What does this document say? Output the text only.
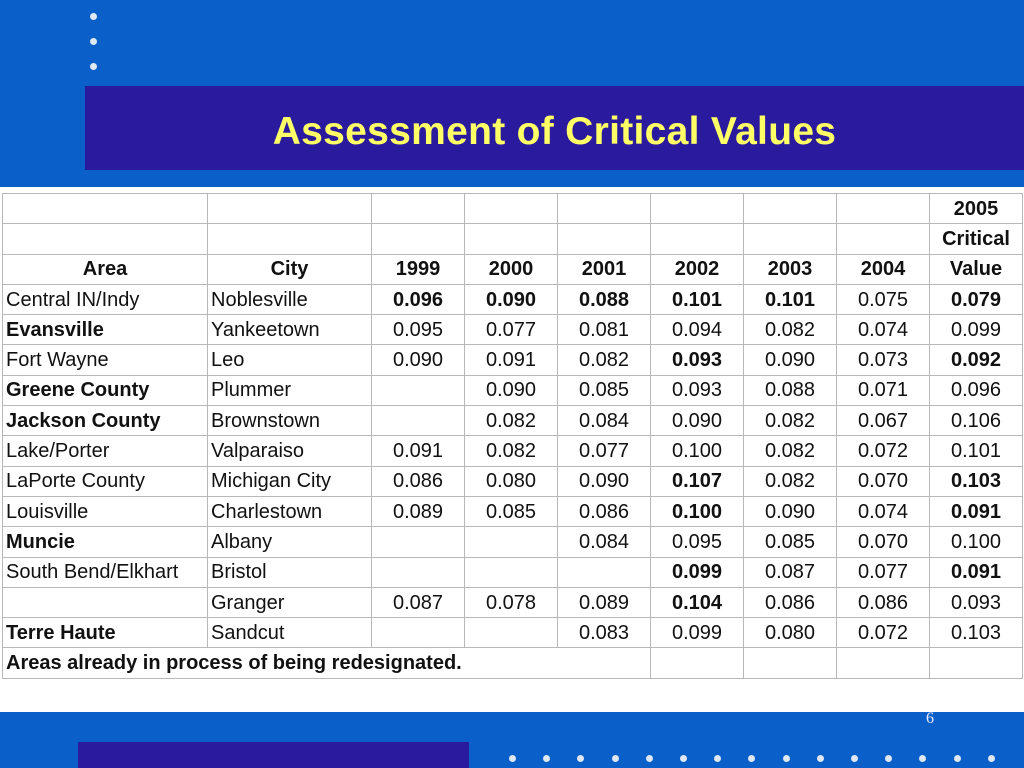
Assessment of Critical Values
								2005
								Critical
Area	City	1999	2000	2001	2002	2003	2004	Value
Central IN/Indy	Noblesville	0.096	0.090	0.088	0.101	0.101	0.075	0.079
Evansville	Yankeetown	0.095	0.077	0.081	0.094	0.082	0.074	0.099
Fort Wayne	Leo	0.090	0.091	0.082	0.093	0.090	0.073	0.092
Greene County	Plummer		0.090	0.085	0.093	0.088	0.071	0.096
Jackson County	Brownstown		0.082	0.084	0.090	0.082	0.067	0.106
Lake/Porter	Valparaiso	0.091	0.082	0.077	0.100	0.082	0.072	0.101
LaPorte County	Michigan City	0.086	0.080	0.090	0.107	0.082	0.070	0.103
Louisville	Charlestown	0.089	0.085	0.086	0.100	0.090	0.074	0.091
Muncie	Albany			0.084	0.095	0.085	0.070	0.100
South Bend/Elkhart	Bristol				0.099	0.087	0.077	0.091
	Granger	0.087	0.078	0.089	0.104	0.086	0.086	0.093
Terre Haute	Sandcut			0.083	0.099	0.080	0.072	0.103
Areas already in process of being redesignated.								
6
